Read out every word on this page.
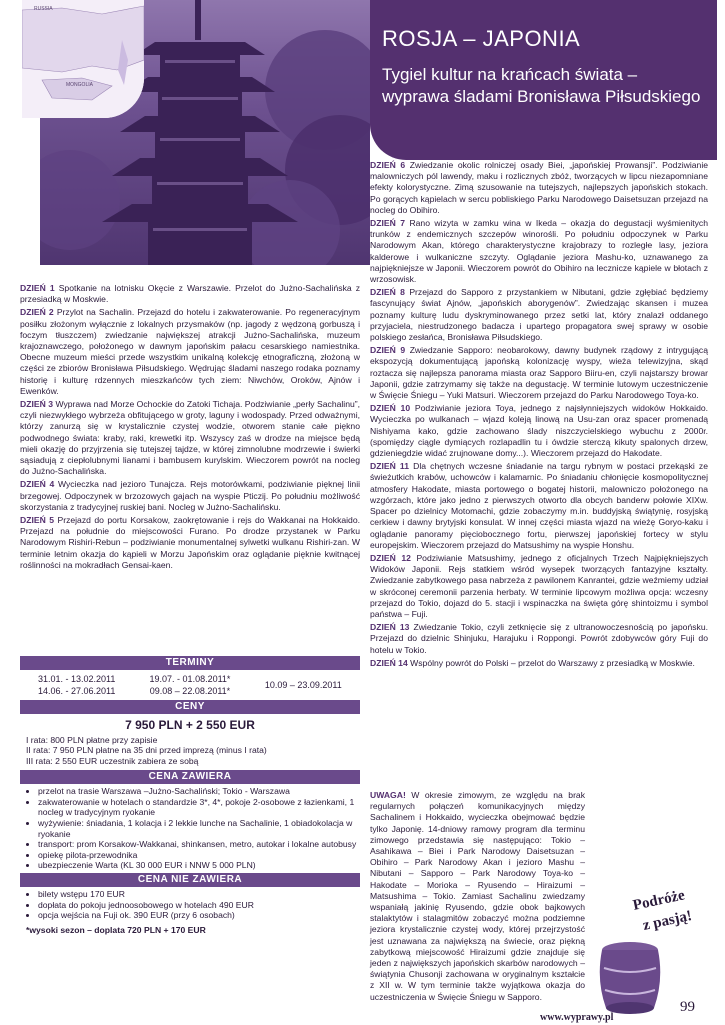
RUSSIA
MONGOLIA
ROSJA – JAPONIA
Tygiel kultur na krańcach świata – wyprawa śladami Bronisława Piłsudskiego

DZIEŃ 1 Spotkanie na lotnisku Okęcie z Warszawie. Przelot do Jużno-Sachalińska z przesiadką w Moskwie.

DZIEŃ 2 Przylot na Sachalin. Przejazd do hotelu i zakwaterowanie. Po regeneracyjnym posiłku złożonym wyłącznie z lokalnych przysmaków (np. jagody z wędzoną gorbuszą i foczym tłuszczem) zwiedzanie największej atrakcji Jużno-Sachalińska, muzeum krajoznawczego, położonego w dawnym japońskim pałacu cesarskiego namiestnika. Obecne muzeum mieści przede wszystkim unikalną kolekcję etnograficzną, złożoną w części ze zbiorów Bronisława Piłsudskiego. Wędrując śladami naszego rodaka poznamy historię i kulturę rdzennych mieszkańców tych ziem: Niwchów, Oroków, Ajnów i Ewenków.

DZIEŃ 3 Wyprawa nad Morze Ochockie do Zatoki Tichaja. Podziwianie „perły Sachalinu”, czyli niezwykłego wybrzeża obfitującego w groty, laguny i wodospady. Przed odważnymi, którzy zanurzą się w krystalicznie czystej wodzie, otworem stanie całe piękno podwodnego świata: kraby, raki, krewetki itp. Wszyscy zaś w drodze na miejsce będą mieli okazję do przyjrzenia się tutejszej tajdze, w której zimnolubne modrzewie i świerki sąsiadują z ciepłolubnymi lianami i bambusem kurylskim. Wieczorem powrót na nocleg do Jużno-Sachalińska.

DZIEŃ 4 Wycieczka nad jezioro Tunajcza. Rejs motorówkami, podziwianie pięknej linii brzegowej. Odpoczynek w brzozowych gajach na wyspie Pticzij. Po południu możliwość skorzystania z tradycyjnej ruskiej bani. Nocleg w Jużno-Sachalińsku.

DZIEŃ 5 Przejazd do portu Korsakow, zaokrętowanie i rejs do Wakkanai na Hokkaido. Przejazd na południe do miejscowości Furano. Po drodze przystanek w Parku Narodowym Rishiri-Rebun – podziwianie monumentalnej sylwetki wulkanu Rishiri-zan. W terminie letnim okazja do kąpieli w Morzu Japońskim oraz oglądanie pięknie kwitnącej roślinności na mokradłach Gensai-kaen.

TERMINY
31.01. - 13.02.2011
14.06. - 27.06.2011
19.07. - 01.08.2011*
09.08 – 22.08.2011*
10.09 – 23.09.2011
CENY
7 950 PLN + 2 550 EUR
I rata: 800 PLN płatne przy zapisie
II rata: 7 950 PLN płatne na 35 dni przed imprezą (minus I rata)
III rata: 2 550 EUR uczestnik zabiera ze sobą
CENA ZAWIERA
• przelot na trasie Warszawa –Jużno-Sachaliński; Tokio - Warszawa
• zakwaterowanie w hotelach o standardzie 3*, 4*, pokoje 2-osobowe z łazienkami, 1 nocleg w tradycyjnym ryokanie
• wyżywienie: śniadania, 1 kolacja i 2 lekkie lunche na Sachalinie, 1 obiadokolacja w ryokanie
• transport: prom Korsakow-Wakkanai, shinkansen, metro, autokar i lokalne autobusy
• opiekę pilota-przewodnika
• ubezpieczenie Warta (KL 30 000 EUR i NNW 5 000 PLN)
CENA NIE ZAWIERA
• bilety wstępu 170 EUR
• dopłata do pokoju jednoosobowego w hotelach 490 EUR
• opcja wejścia na Fuji ok. 390 EUR (przy 6 osobach)
*wysoki sezon – doplata 720 PLN + 170 EUR

DZIEŃ 6 Zwiedzanie okolic rolniczej osady Biei, „japońskiej Prowansji”. Podziwianie malowniczych pól lawendy, maku i rozlicznych zbóż, tworzących w lipcu niezapomniane efekty kolorystyczne. Zimą szusowanie na tutejszych, najlepszych japońskich stokach. Po gorących kąpielach w sercu pobliskiego Parku Narodowego Daisetsuzan przejazd na nocleg do Obihiro.

DZIEŃ 7 Rano wizyta w zamku wina w Ikeda – okazja do degustacji wyśmienitych trunków z endemicznych szczepów winorośli. Po południu odpoczynek w Parku Narodowym Akan, którego charakterystyczne krajobrazy to rozległe lasy, jeziora kalderowe i wulkaniczne szczyty. Oglądanie jeziora Mashu-ko, uznawanego za najpiękniejsze w Japonii. Wieczorem powrót do Obihiro na lecznicze kąpiele w błotach z wrzosowisk.

DZIEŃ 8 Przejazd do Sapporo z przystankiem w Nibutani, gdzie zgłębiać będziemy fascynujący świat Ajnów, „japońskich aborygenów”. Zwiedzając skansen i muzea poznamy kulturę ludu dyskryminowanego przez setki lat, który znalazł oddanego przyjaciela, niestrudzonego badacza i upartego propagatora swej sprawy w osobie polskiego zesłańca, Bronisława Piłsudskiego.

DZIEŃ 9 Zwiedzanie Sapporo: neobarokowy, dawny budynek rządowy z intrygującą ekspozycją dokumentującą japońską kolonizację wyspy, wieża telewizyjna, skąd roztacza się najlepsza panorama miasta oraz Sapporo Biiru-en, czyli najstarszy browar Japonii, gdzie zatrzymamy się także na degustację. W terminie lutowym uczestniczenie w Święcie Śniegu – Yuki Matsuri. Wieczorem przejazd do Parku Narodowego Toya-ko.

DZIEŃ 10 Podziwianie jeziora Toya, jednego z najsłynniejszych widoków Hokkaido. Wycieczka po wulkanach – wjazd koleją linową na Usu-zan oraz spacer promenadą Nishiyama kako, gdzie zachowano ślady niszczycielskiego wybuchu z 2000r. (spomiędzy ciągle dymiących rozlapadlin tu i ówdzie sterczą kikuty spalonych drzew, gdzieniegdzie widać zrujnowane domy...). Wieczorem przejazd do Hakodate.

DZIEŃ 11 Dla chętnych wczesne śniadanie na targu rybnym w postaci przekąski ze świeżutkich krabów, uchowców i kalamarnic. Po śniadaniu chłonięcie kosmopolitycznej atmosfery Hakodate, miasta portowego o bogatej historii, malowniczo położonego na wzgórzach, które jako jedno z pierwszych otworto dla obcych banderw połowie XIXw. Spacer po dzielnicy Motomachi, gdzie zobaczymy m.in. buddyjską świątynię, rosyjską cerkiew i dawny brytyjski konsulat. W innej części miasta wjazd na wieżę Goryo-kaku i oglądanie panoramy pięciobocznego fortu, pierwszej japońskiej fortecy w stylu europejskim. Wieczorem przejazd do Matsushimy na wyspie Honshu.

DZIEŃ 12 Podziwianie Matsushimy, jednego z oficjalnych Trzech Najpiękniejszych Widoków Japonii. Rejs statkiem wśród wysepek tworzących fantazyjne kształty. Zwiedzanie zabytkowego pasa nabrzeża z pawilonem Kanrantei, gdzie weźmiemy udział w skróconej ceremonii parzenia herbaty. W terminie lipcowym możliwa opcja: wczesny przejazd do Tokio, dojazd do 5. stacji i wspinaczka na święta górę shintoizmu i symbol państwa – Fuji.

DZIEŃ 13 Zwiedzanie Tokio, czyli zetknięcie się z ultranowoczesnością po japońsku. Przejazd do dzielnic Shinjuku, Harajuku i Roppongi. Powrót zdobywców góry Fuji do hotelu w Tokio.

DZIEŃ 14 Wspólny powrót do Polski – przelot do Warszawy z przesiadką w Moskwie.

UWAGA! W okresie zimowym, ze względu na brak regularnych połączeń komunikacyjnych między Sachalinem i Hokkaido, wycieczka obejmować będzie tylko Japonię. 14-dniowy ramowy program dla terminu zimowego przedstawia się następująco: Tokio – Asahikawa – Biei i Park Narodowy Daisetsuzan – Obihiro – Park Narodowy Akan i jezioro Mashu – Nibutani – Sapporo – Park Narodowy Toya-ko – Hakodate – Morioka – Ryusendo – Hiraizumi – Matsushima – Tokio. Zamiast Sachalinu zwiedzamy wspaniałą jakinię Ryusendo, gdzie obok bajkowych stalaktytów i stalagmitów zobaczyć można podziemne jeziora krystalicznie czystej wody, której przejrzystość jest uznawana za największą na świecie, oraz piękną zabytkową miejscowość Hiraizumi gdzie znajduje się jeden z największych japońskich skarbów narodowych – świątynia Chusonji zachowana w oryginalnym kształcie z XII w. W tym terminie także wyjątkowa okazja do uczestniczenia w Święcie Śniegu w Sapporo.

Podróże
z pasją!
99
www.wyprawy.pl
